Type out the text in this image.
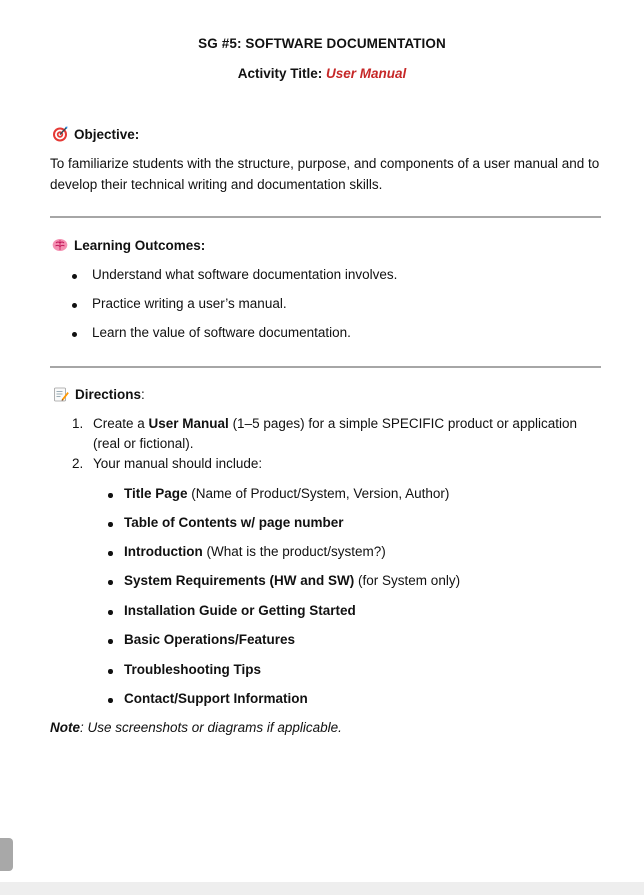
SG #5: SOFTWARE DOCUMENTATION
Activity Title: User Manual
Objective:
To familiarize students with the structure, purpose, and components of a user manual and to develop their technical writing and documentation skills.
Learning Outcomes:
Understand what software documentation involves.
Practice writing a user’s manual.
Learn the value of software documentation.
Directions :
1. Create a User Manual (1–5 pages) for a simple SPECIFIC product or application (real or fictional).
2. Your manual should include:
Title Page (Name of Product/System, Version, Author)
Table of Contents w/ page number
Introduction (What is the product/system?)
System Requirements (HW and SW) (for System only)
Installation Guide or Getting Started
Basic Operations/Features
Troubleshooting Tips
Contact/Support Information
Note: Use screenshots or diagrams if applicable.
